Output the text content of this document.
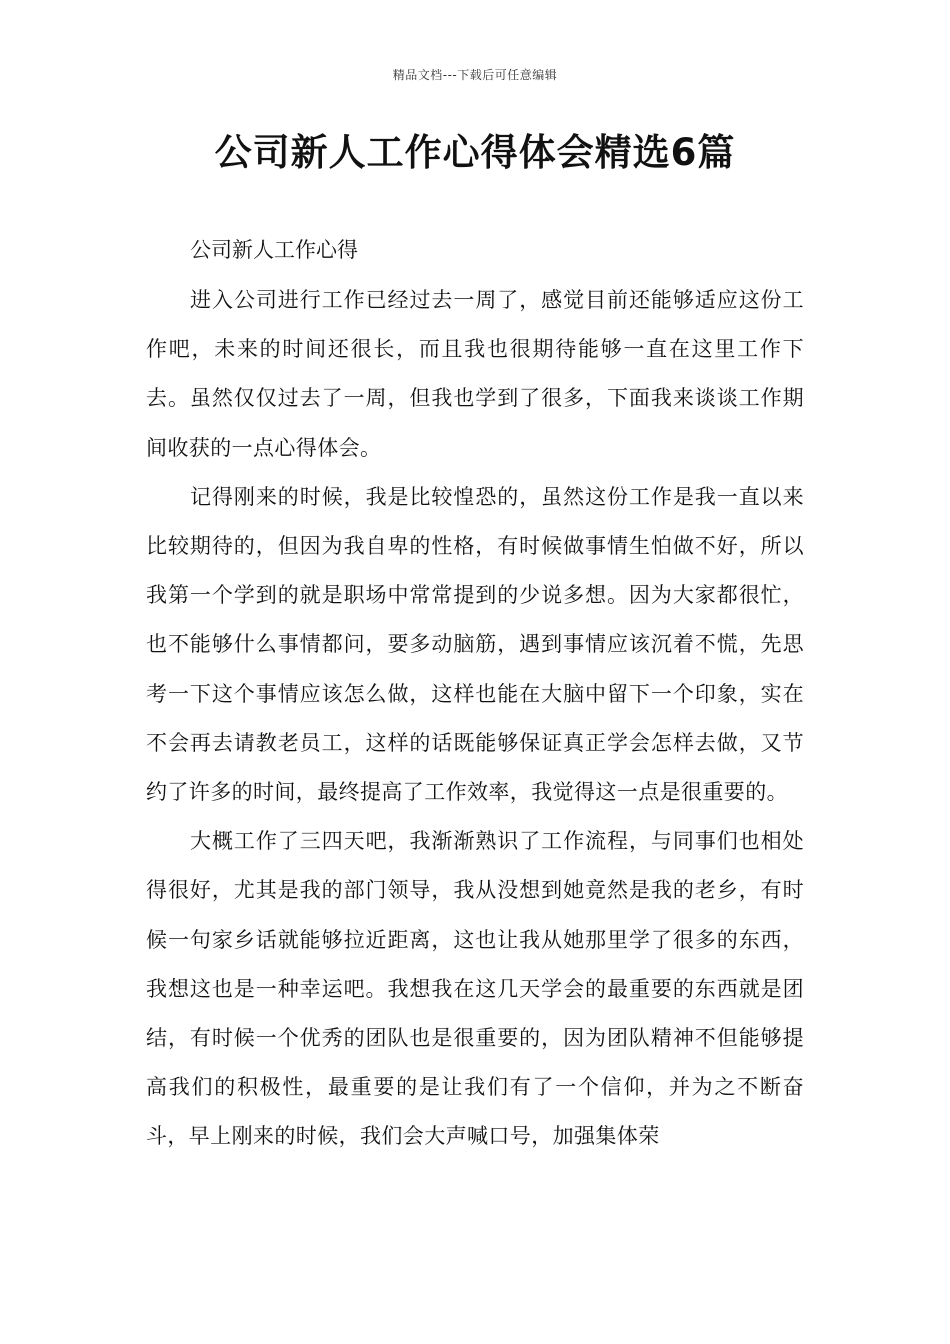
精品文档---下载后可任意编辑
公司新人工作心得体会精选6篇

公司新人工作心得

进入公司进行工作已经过去一周了，感觉目前还能够适应这份工作吧，未来的时间还很长，而且我也很期待能够一直在这里工作下去。虽然仅仅过去了一周，但我也学到了很多，下面我来谈谈工作期间收获的一点心得体会。

记得刚来的时候，我是比较惶恐的，虽然这份工作是我一直以来比较期待的，但因为我自卑的性格，有时候做事情生怕做不好，所以我第一个学到的就是职场中常常提到的少说多想。因为大家都很忙，也不能够什么事情都问，要多动脑筋，遇到事情应该沉着不慌，先思考一下这个事情应该怎么做，这样也能在大脑中留下一个印象，实在不会再去请教老员工，这样的话既能够保证真正学会怎样去做，又节约了许多的时间，最终提高了工作效率，我觉得这一点是很重要的。

大概工作了三四天吧，我渐渐熟识了工作流程，与同事们也相处得很好，尤其是我的部门领导，我从没想到她竟然是我的老乡，有时候一句家乡话就能够拉近距离，这也让我从她那里学了很多的东西，我想这也是一种幸运吧。我想我在这几天学会的最重要的东西就是团结，有时候一个优秀的团队也是很重要的，因为团队精神不但能够提高我们的积极性，最重要的是让我们有了一个信仰，并为之不断奋斗，早上刚来的时候，我们会大声喊口号，加强集体荣
